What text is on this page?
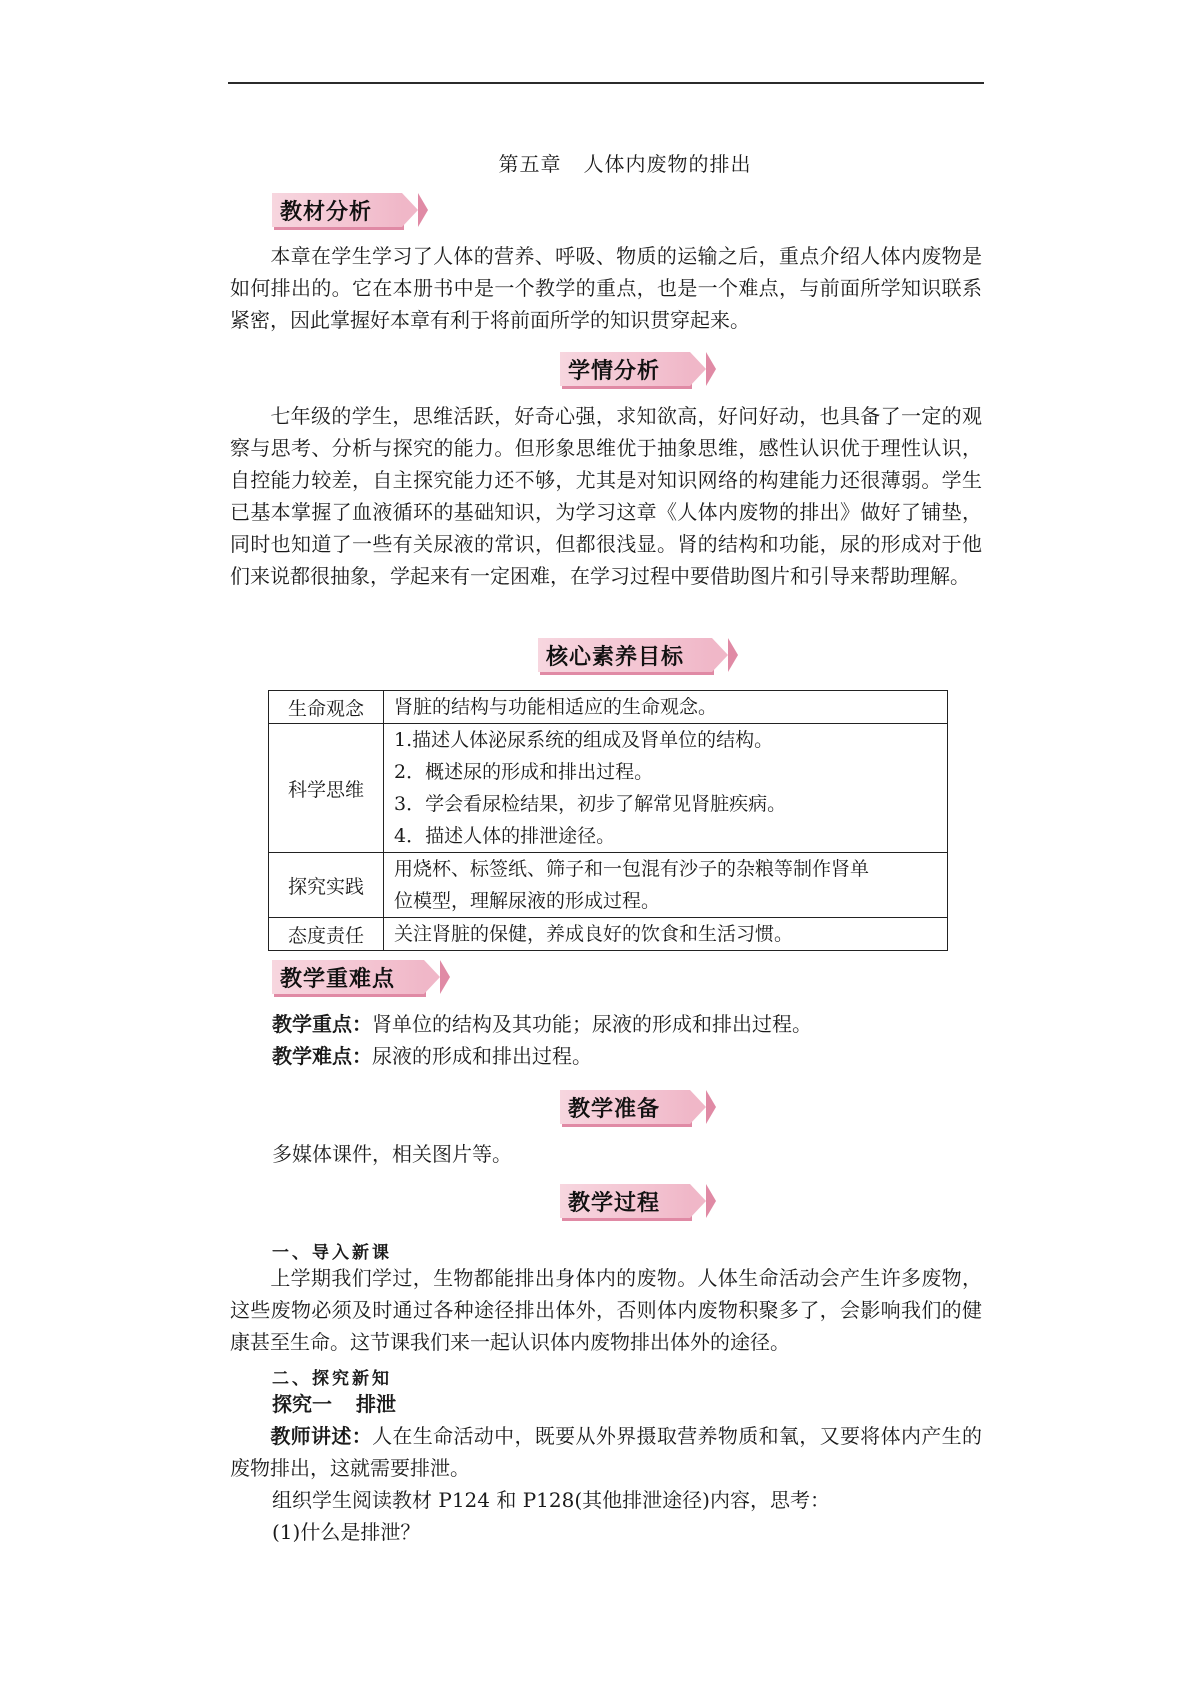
第五章 人体内废物的排出
教材分析
本章在学生学习了人体的营养、呼吸、物质的运输之后，重点介绍人体内废物是如何排出的。它在本册书中是一个教学的重点，也是一个难点，与前面所学知识联系紧密，因此掌握好本章有利于将前面所学的知识贯穿起来。
学情分析
七年级的学生，思维活跃，好奇心强，求知欲高，好问好动，也具备了一定的观察与思考、分析与探究的能力。但形象思维优于抽象思维，感性认识优于理性认识，自控能力较差，自主探究能力还不够，尤其是对知识网络的构建能力还很薄弱。学生已基本掌握了血液循环的基础知识，为学习这章《人体内废物的排出》做好了铺垫，同时也知道了一些有关尿液的常识，但都很浅显。肾的结构和功能，尿的形成对于他们来说都很抽象，学起来有一定困难，在学习过程中要借助图片和引导来帮助理解。
核心素养目标
生命观念	肾脏的结构与功能相适应的生命观念。

科学思维	1.描述人体泌尿系统的组成及肾单位的结构。
2．概述尿的形成和排出过程。
3．学会看尿检结果，初步了解常见肾脏疾病。
4．描述人体的排泄途径。

探究实践	用烧杯、标签纸、筛子和一包混有沙子的杂粮等制作肾单
位模型，理解尿液的形成过程。

态度责任	关注肾脏的保健，养成良好的饮食和生活习惯。
教学重难点
教学重点：肾单位的结构及其功能；尿液的形成和排出过程。
教学难点：尿液的形成和排出过程。
教学准备
多媒体课件，相关图片等。
教学过程
一、导入新课
上学期我们学过，生物都能排出身体内的废物。人体生命活动会产生许多废物，这些废物必须及时通过各种途径排出体外，否则体内废物积聚多了，会影响我们的健康甚至生命。这节课我们来一起认识体内废物排出体外的途径。
二、探究新知
探究一 排泄
教师讲述：人在生命活动中，既要从外界摄取营养物质和氧，又要将体内产生的废物排出，这就需要排泄。
组织学生阅读教材 P124 和 P128(其他排泄途径)内容，思考：
(1)什么是排泄？
